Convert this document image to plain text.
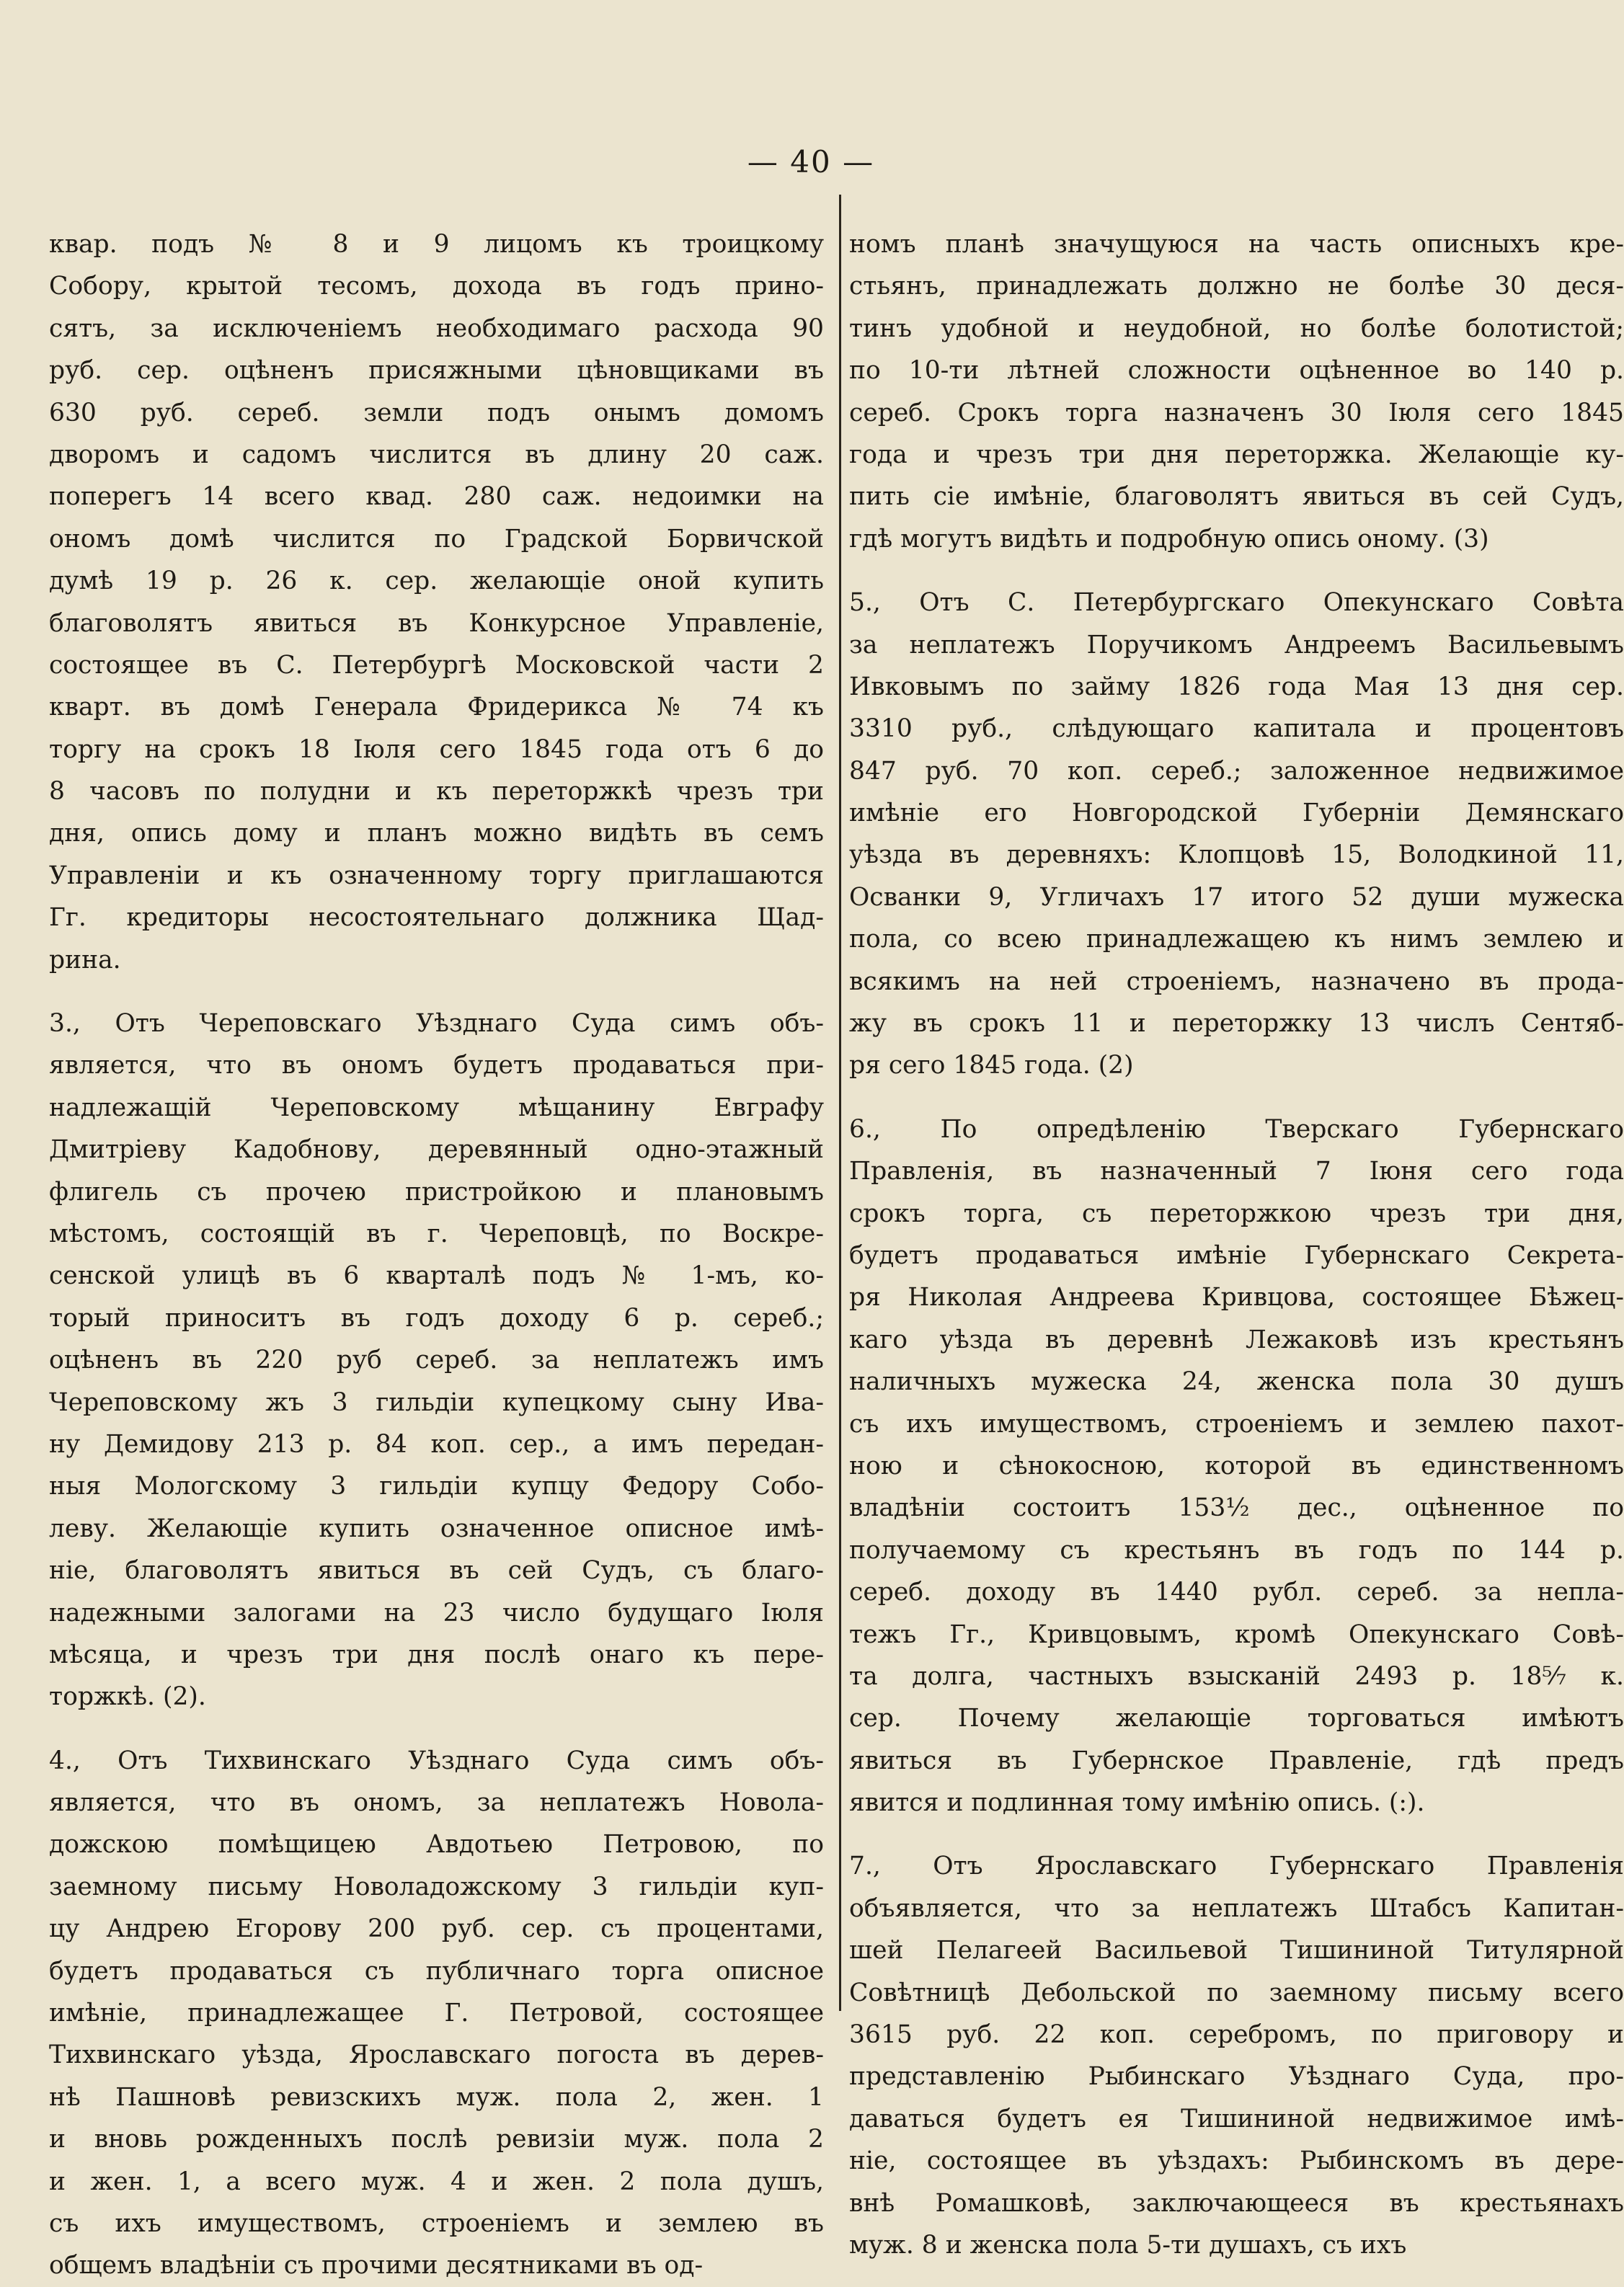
— 40 —
квар. подъ № 8 и 9 лицомъ къ троицкому
Собору, крытой тесомъ, дохода въ годъ прино-
сятъ, за исключенiемъ необходимаго расхода 90
руб. сер. оцѣненъ присяжными цѣновщиками въ
630 руб. сереб. земли подъ онымъ домомъ
дворомъ и садомъ числится въ длину 20 саж.
поперегъ 14 всего квад. 280 саж. недоимки на
ономъ домѣ числится по Градской Борвичской
думѣ 19 р. 26 к. сер. желающiе оной купить
благоволятъ явиться въ Конкурсное Управленiе,
состоящее въ С. Петербургѣ Московской части 2
кварт. въ домѣ Генерала Фридерикса № 74 къ
торгу на срокъ 18 Iюля сего 1845 года отъ 6 до
8 часовъ по полудни и къ переторжкѣ чрезъ три
дня, опись дому и планъ можно видѣть въ семъ
Управленiи и къ означенному торгу приглашаются
Гг. кредиторы несостоятельнаго должника Щад-
рина.
3., Отъ Череповскаго Уѣзднаго Суда симъ объ-
является, что въ ономъ будетъ продаваться при-
надлежащiй Череповскому мѣщанину Евграфу
Дмитрiеву Кадобнову, деревянный одно-этажный
флигель съ прочею пристройкою и плановымъ
мѣстомъ, состоящiй въ г. Череповцѣ, по Воскре-
сенской улицѣ въ 6 кварталѣ подъ № 1-мъ, ко-
торый приноситъ въ годъ доходу 6 р. сереб.;
оцѣненъ въ 220 руб сереб. за неплатежъ имъ
Череповскому жъ 3 гильдiи купецкому сыну Ива-
ну Демидову 213 р. 84 коп. сер., а имъ передан-
ныя Мологскому 3 гильдiи купцу Федору Собо-
леву. Желающiе купить означенное описное имѣ-
нiе, благоволятъ явиться въ сей Судъ, съ благо-
надежными залогами на 23 число будущаго Iюля
мѣсяца, и чрезъ три дня послѣ онаго къ пере-
торжкѣ. (2).
4., Отъ Тихвинскаго Уѣзднаго Суда симъ объ-
является, что въ ономъ, за неплатежъ Новола-
дожскою помѣщицею Авдотьею Петровою, по
заемному письму Новоладожскому 3 гильдiи куп-
цу Андрею Егорову 200 руб. сер. съ процентами,
будетъ продаваться съ публичнаго торга описное
имѣнiе, принадлежащее Г. Петровой, состоящее
Тихвинскаго уѣзда, Ярославскаго погоста въ дерев-
нѣ Пашновѣ ревизскихъ муж. пола 2, жен. 1
и вновь рожденныхъ послѣ ревизiи муж. пола 2
и жен. 1, а всего муж. 4 и жен. 2 пола душъ,
съ ихъ имуществомъ, строенiемъ и землею въ
общемъ владѣнiи съ прочими десятниками въ од-
номъ планѣ значущуюся на часть описныхъ кре-
стьянъ, принадлежать должно не болѣе 30 деся-
тинъ удобной и неудобной, но болѣе болотистой;
по 10-ти лѣтней сложности оцѣненное во 140 р.
сереб. Срокъ торга назначенъ 30 Iюля сего 1845
года и чрезъ три дня переторжка. Желающiе ку-
пить сiе имѣнiе, благоволятъ явиться въ сей Судъ,
гдѣ могутъ видѣть и подробную опись оному. (3)
5., Отъ С. Петербургскаго Опекунскаго Совѣта
за неплатежъ Поручикомъ Андреемъ Васильевымъ
Ивковымъ по займу 1826 года Мая 13 дня сер.
3310 руб., слѣдующаго капитала и процентовъ
847 руб. 70 коп. сереб.; заложенное недвижимое
имѣнiе его Новгородской Губернiи Демянскаго
уѣзда въ деревняхъ: Клопцовѣ 15, Володкиной 11,
Осванки 9, Угличахъ 17 итого 52 души мужеска
пола, со всею принадлежащею къ нимъ землею и
всякимъ на ней строенiемъ, назначено въ прода-
жу въ срокъ 11 и переторжку 13 числъ Сентяб-
ря сего 1845 года. (2)
6., По опредѣленiю Тверскаго Губернскаго
Правленiя, въ назначенный 7 Iюня сего года
срокъ торга, съ переторжкою чрезъ три дня,
будетъ продаваться имѣнiе Губернскаго Секрета-
ря Николая Андреева Кривцова, состоящее Бѣжец-
каго уѣзда въ деревнѣ Лежаковѣ изъ крестьянъ
наличныхъ мужеска 24, женска пола 30 душъ
съ ихъ имуществомъ, строенiемъ и землею пахот-
ною и сѣнокосною, которой въ единственномъ
владѣнiи состоитъ 153½ дес., оцѣненное по
получаемому съ крестьянъ въ годъ по 144 р.
сереб. доходу въ 1440 рубл. сереб. за непла-
тежъ Гг., Кривцовымъ, кромѣ Опекунскаго Совѣ-
та долга, частныхъ взысканiй 2493 р. 18⁵⁄₇ к.
сер. Почему желающiе торговаться имѣютъ
явиться въ Губернское Правленiе, гдѣ предъ
явится и подлинная тому имѣнiю опись. (:).
7., Отъ Ярославскаго Губернскаго Правленiя
объявляется, что за неплатежъ Штабсъ Капитан-
шей Пелагеей Васильевой Тишининой Титулярной
Совѣтницѣ Дебольской по заемному письму всего
3615 руб. 22 коп. серебромъ, по приговору и
представленiю Рыбинскаго Уѣзднаго Суда, про-
даваться будетъ ея Тишининой недвижимое имѣ-
нiе, состоящее въ уѣздахъ: Рыбинскомъ въ дере-
внѣ Ромашковѣ, заключающееся въ крестьянахъ
муж. 8 и женска пола 5-ти душахъ, съ ихъ
